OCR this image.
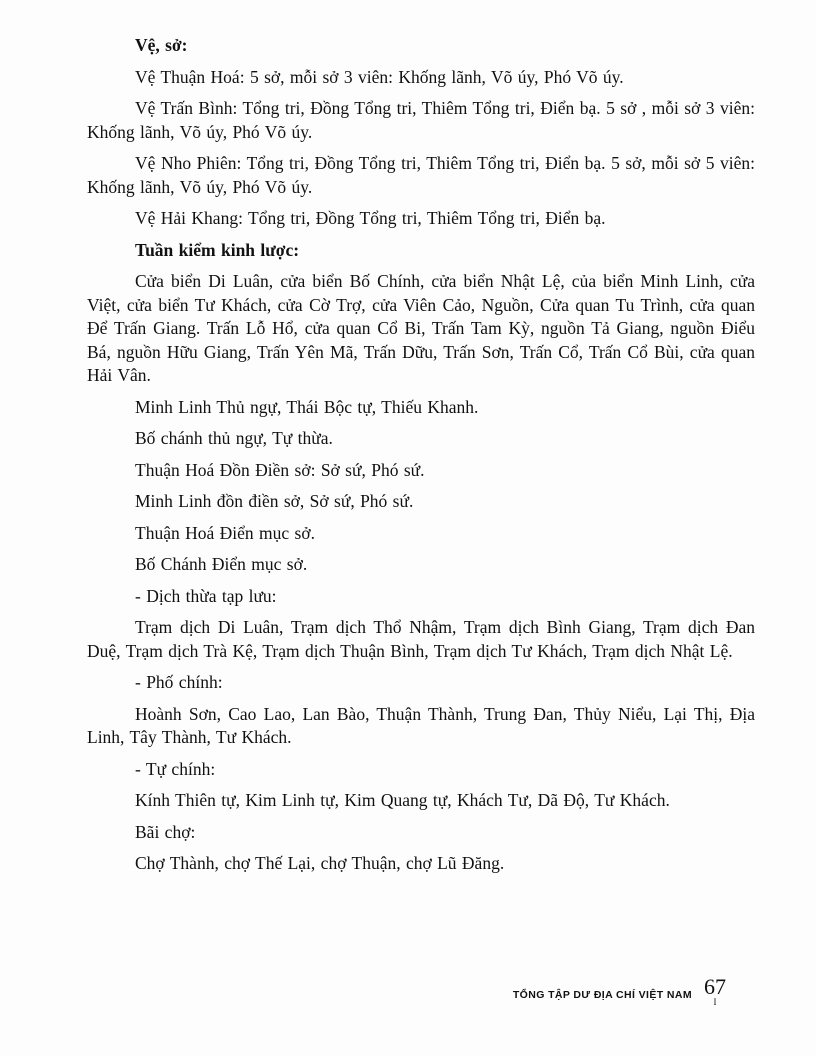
Vệ, sở:

Vệ Thuận Hoá: 5 sở, mỗi sở 3 viên: Khống lãnh, Võ úy, Phó Võ úy.

Vệ Trấn Bình: Tổng tri, Đồng Tổng tri, Thiêm Tổng tri, Điển bạ. 5 sở , mỗi sở 3 viên: Khống lãnh, Võ úy, Phó Võ úy.

Vệ Nho Phiên: Tổng tri, Đồng Tổng tri, Thiêm Tổng tri, Điển bạ. 5 sở, mỗi sở 5 viên: Khống lãnh, Võ úy, Phó Võ úy.

Vệ Hải Khang: Tổng tri, Đồng Tổng tri, Thiêm Tổng tri, Điển bạ.

Tuần kiểm kinh lược:

Cửa biển Di Luân, cửa biển Bố Chính, cửa biển Nhật Lệ, của biển Minh Linh, cửa Việt, cửa biển Tư Khách, cửa Cờ Trợ, cửa Viên Cảo, Nguồn, Cửa quan Tu Trình, cửa quan Để Trấn Giang. Trấn Lỗ Hổ, cửa quan Cổ Bi, Trấn Tam Kỳ, nguồn Tả Giang, nguồn Điểu Bá, nguồn Hữu Giang, Trấn Yên Mã, Trấn Dữu, Trấn Sơn, Trấn Cổ, Trấn Cổ Bùi, cửa quan Hải Vân.

Minh Linh Thủ ngự, Thái Bộc tự, Thiếu Khanh.

Bố chánh thủ ngự, Tự thừa.

Thuận Hoá Đồn Điền sở: Sở sứ, Phó sứ.

Minh Linh đồn điền sở, Sở sứ, Phó sứ.

Thuận Hoá Điển mục sở.

Bố Chánh Điển mục sở.

- Dịch thừa tạp lưu:

Trạm dịch Di Luân, Trạm dịch Thổ Nhậm, Trạm dịch Bình Giang, Trạm dịch Đan Duệ, Trạm dịch Trà Kệ, Trạm dịch Thuận Bình, Trạm dịch Tư Khách, Trạm dịch Nhật Lệ.

- Phố chính:

Hoành Sơn, Cao Lao, Lan Bào, Thuận Thành, Trung Đan, Thủy Niểu, Lại Thị, Địa Linh, Tây Thành, Tư Khách.

- Tự chính:

Kính Thiên tự, Kim Linh tự, Kim Quang tự, Khách Tư, Dã Độ, Tư Khách.

Bãi chợ:

Chợ Thành, chợ Thế Lại, chợ Thuận, chợ Lũ Đăng.

TỔNG TẬP DƯ ĐỊA CHÍ VIỆT NAM 67
I
